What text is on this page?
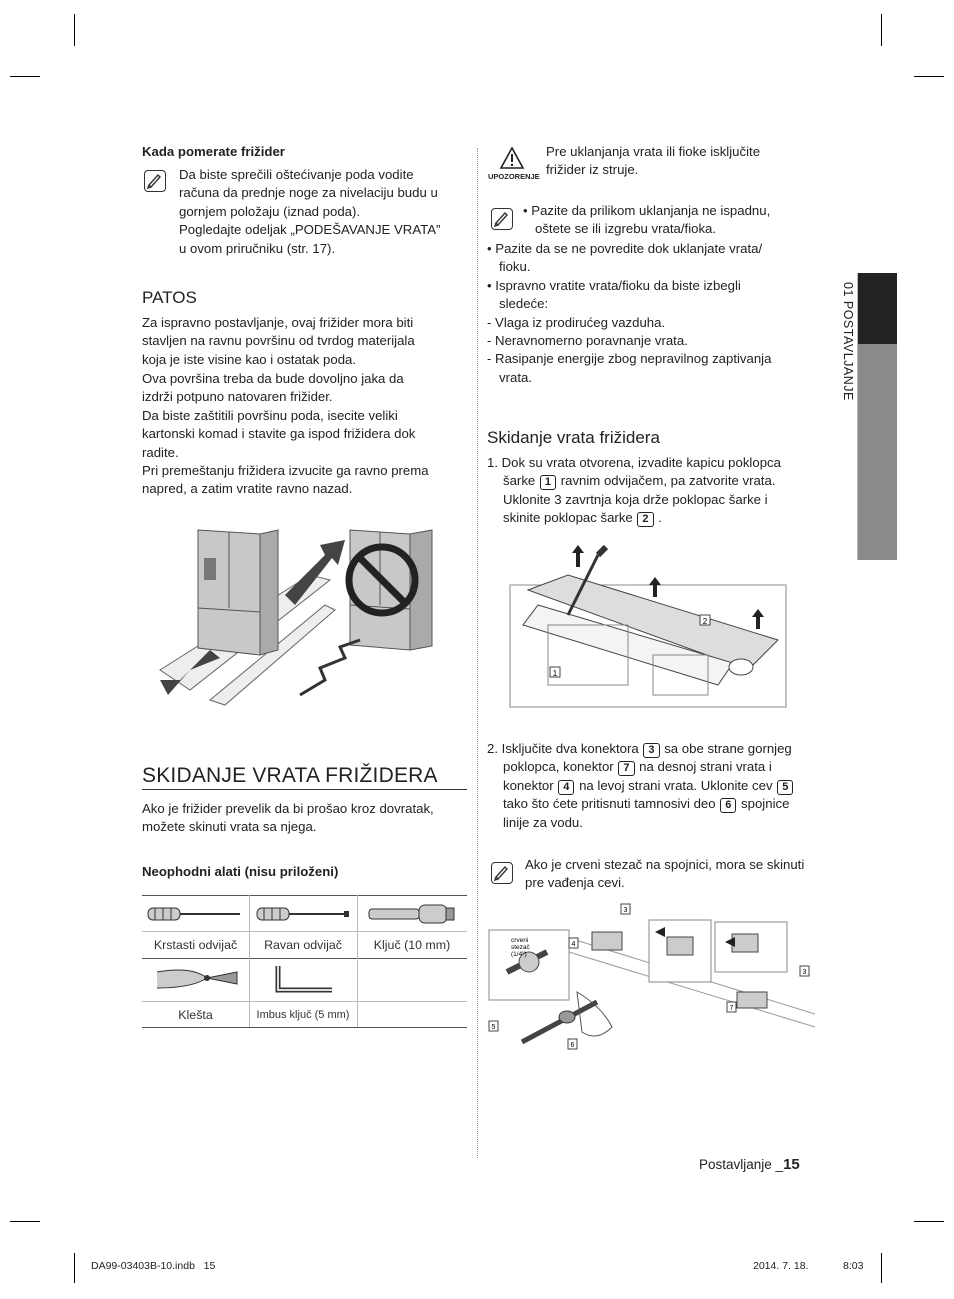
Kada pomerate frižider
Da biste sprečili oštećivanje poda vodite
računa da prednje noge za nivelaciju budu u
gornjem položaju (iznad poda).
Pogledajte odeljak „PODEŠAVANJE VRATA”
u ovom priručniku (str. 17).
PATOS
Za ispravno postavljanje, ovaj frižider mora biti
stavljen na ravnu površinu od tvrdog materijala
koja je iste visine kao i ostatak poda.
Ova površina treba da bude dovoljno jaka da
izdrži potpuno natovaren frižider.
Da biste zaštitili površinu poda, isecite veliki
kartonski komad i stavite ga ispod frižidera dok
radite.
Pri premeštanju frižidera izvucite ga ravno prema
napred, a zatim vratite ravno nazad.
SKIDANJE VRATA FRIŽIDERA
Ako je frižider prevelik da bi prošao kroz dovratak,
možete skinuti vrata sa njega.
Neophodni alati (nisu priloženi)
Krstasti odvijač	Ravan odvijač	Ključ (10 mm)
Klešta	Imbus ključ (5 mm)
UPOZORENJE
Pre uklanjanja vrata ili fioke isključite
frižider iz struje.
• Pazite da prilikom uklanjanja ne ispadnu,
oštete se ili izgrebu vrata/fioka.
• Pazite da se ne povredite dok uklanjate vrata/
fioku.
• Ispravno vratite vrata/fioku da biste izbegli
sledeće:
- Vlaga iz prodirućeg vazduha.
- Neravnomerno poravnanje vrata.
- Rasipanje energije zbog nepravilnog zaptivanja
vrata.
Skidanje vrata frižidera
1. Dok su vrata otvorena, izvadite kapicu poklopca
šarke 1 ravnim odvijačem, pa zatvorite vrata.
Uklonite 3 zavrtnja koja drže poklopac šarke i
skinite poklopac šarke 2 .
2
1
2. Isključite dva konektora 3 sa obe strane gornjeg
poklopca, konektor 7 na desnoj strani vrata i
konektor 4 na levoj strani vrata. Uklonite cev 5
tako što ćete pritisnuti tamnosivi deo 6 spojnice
linije za vodu.
Ako je crveni stezač na spojnici, mora se skinuti
pre vađenja cevi.
crveni
stezač
(1/4")
3
4
5
6
7
3
01 POSTAVLJANJE
Postavljanje _15
DA99-03403B-10.indb   15	2014. 7. 18.	8:03
